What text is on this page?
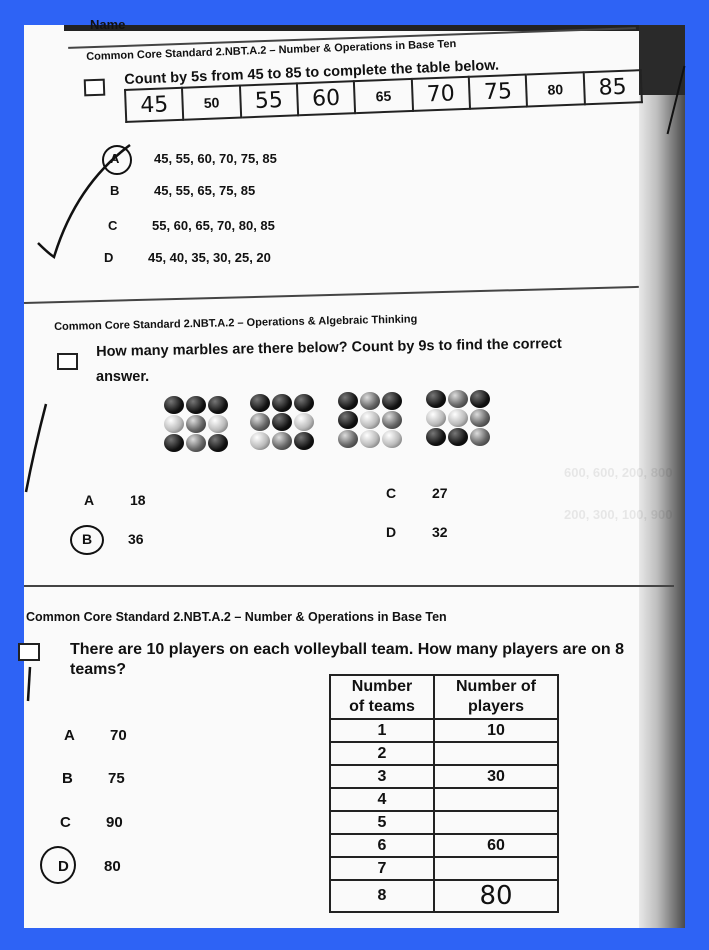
Name
Common Core Standard 2.NBT.A.2 – Number & Operations in Base Ten
Count by 5s from 45 to 85 to complete the table below.
45	50	55	60	65	70	75	80	85
A	45, 55, 60, 70, 75, 85
B	45, 55, 65, 75, 85
C	55, 60, 65, 70, 80, 85
D	45, 40, 35, 30, 25, 20
Common Core Standard 2.NBT.A.2 – Operations & Algebraic Thinking
How many marbles are there below? Count by 9s to find the correct
answer.
A	18
B	36
C	27
D	32
600, 600, 200, 800
200, 300, 100, 900
Common Core Standard 2.NBT.A.2 – Number & Operations in Base Ten
There are 10 players on each volleyball team. How many players are on 8
teams?
A 70
B 75
C 90
D 80
Number
of teams	Number of
players
1	10
2	
3	30
4	
5	
6	60
7	
8	80
